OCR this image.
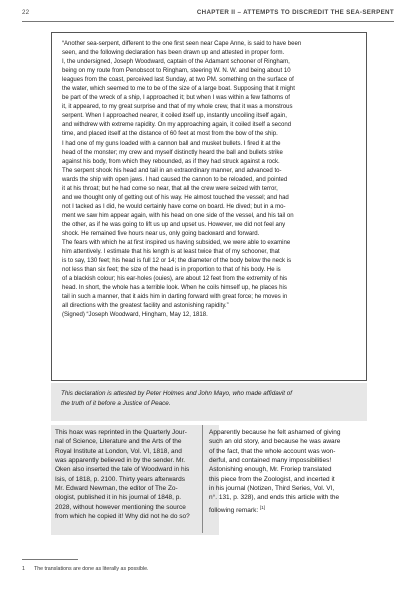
22	CHAPTER II – ATTEMPTS TO DISCREDIT THE SEA-SERPENT
“Another sea-serpent, different to the one first seen near Cape Anne, is said to have been
seen, and the following declaration has been drawn up and attested in proper form.
I, the undersigned, Joseph Woodward, captain of the Adamant schooner of Ringham,
being on my route from Penobscot to Ringham, steering W. N. W. and being about 10
leagues from the coast, perceived last Sunday, at two PM. something on the surface of
the water, which seemed to me to be of the size of a large boat. Supposing that it might
be part of the wreck of a ship, I approached it; but when I was within a few fathoms of
it, it appeared, to my great surprise and that of my whole crew, that it was a monstrous
serpent. When I approached nearer, it coiled itself up, instantly uncoiling itself again,
and withdrew with extreme rapidity. On my approaching again, it coiled itself a second
time, and placed itself at the distance of 60 feet at most from the bow of the ship.
I had one of my guns loaded with a cannon ball and musket bullets. I fired it at the
head of the monster; my crew and myself distinctly heard the ball and bullets strike
against his body, from which they rebounded, as if they had struck against a rock.
The serpent shook his head and tail in an extraordinary manner, and advanced to-
wards the ship with open jaws. I had caused the cannon to be reloaded, and pointed
it at his throat; but he had come so near, that all the crew were seized with terror,
and we thought only of getting out of his way. He almost touched the vessel; and had
not I tacked as I did, he would certainly have come on board. He dived; but in a mo-
ment we saw him appear again, with his head on one side of the vessel, and his tail on
the other, as if he was going to lift us up and upset us. However, we did not feel any
shock. He remained five hours near us, only going backward and forward.
The fears with which he at first inspired us having subsided, we were able to examine
him attentively. I estimate that his length is at least twice that of my schooner, that
is to say, 130 feet; his head is full 12 or 14; the diameter of the body below the neck is
not less than six feet; the size of the head is in proportion to that of his body. He is
of a blackish colour; his ear-holes (ouies), are about 12 feet from the extremity of his
head. In short, the whole has a terrible look. When he coils himself up, he places his
tail in such a manner, that it aids him in darting forward with great force; he moves in
all directions with the greatest facility and astonishing rapidity.”
(Signed) “Joseph Woodward, Hingham, May 12, 1818.
This declaration is attested by Peter Holmes and John Mayo, who made affidavit of
the truth of it before a Justice of Peace.
This hoax was reprinted in the Quarterly Jour-
nal of Science, Literature and the Arts of the
Royal Institute at London, Vol. VI, 1818, and
was apparently believed in by the sender. Mr.
Oken also inserted the tale of Woodward in his
Isis, of 1818, p. 2100. Thirty years afterwards
Mr. Edward Newman, the editor of The Zo-
ologist, published it in his journal of 1848, p.
2028, without however mentioning the source
from which he copied it! Why did not he do so?
Apparently because he felt ashamed of giving
such an old story, and because he was aware
of the fact, that the whole account was won-
derful, and contained many impossibilities!
Astonishing enough, Mr. Froriep translated
this piece from the Zoologist, and incerted it
in his journal (Notizen, Third Series, Vol. VI,
n°. 131, p. 328), and ends this article with the
following remark: [1]
1 The translations are done as literally as possible.
